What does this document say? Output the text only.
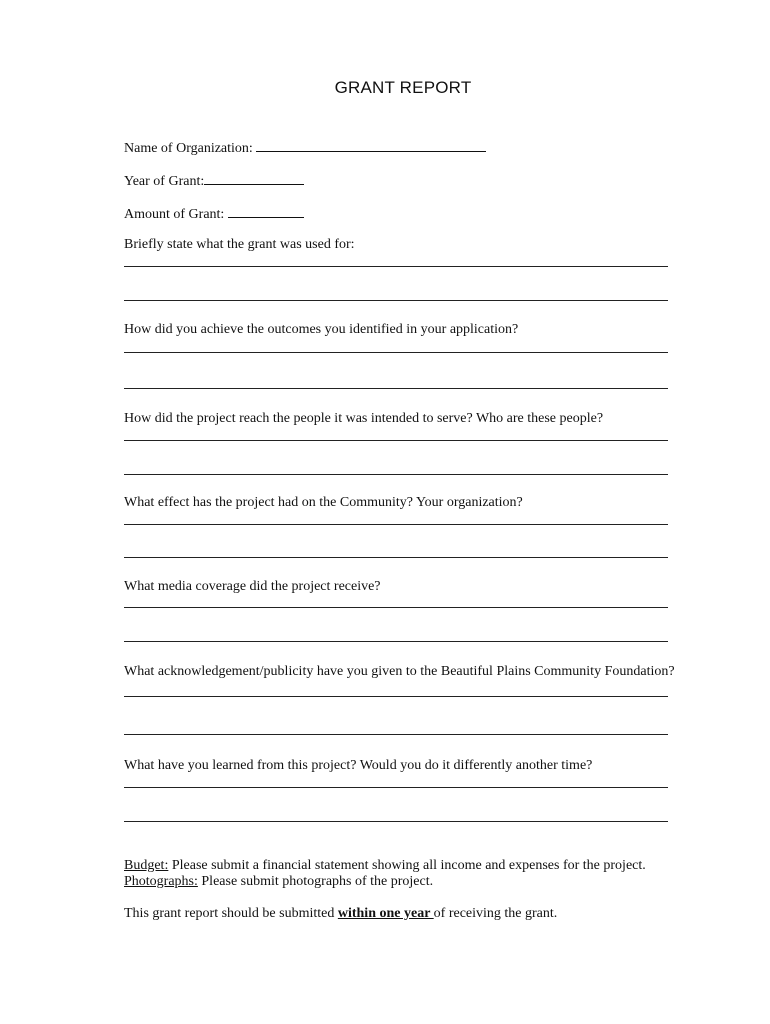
GRANT REPORT
Name of Organization:
Year of Grant:
Amount of Grant:
Briefly state what the grant was used for:
How did you achieve the outcomes you identified in your application?
How did the project reach the people it was intended to serve? Who are these people?
What effect has the project had on the Community? Your organization?
What media coverage did the project receive?
What acknowledgement/publicity have you given to the Beautiful Plains Community Foundation?
What have you learned from this project? Would you do it differently another time?
Budget: Please submit a financial statement showing all income and expenses for the project.
Photographs: Please submit photographs of the project.
This grant report should be submitted within one year of receiving the grant.
